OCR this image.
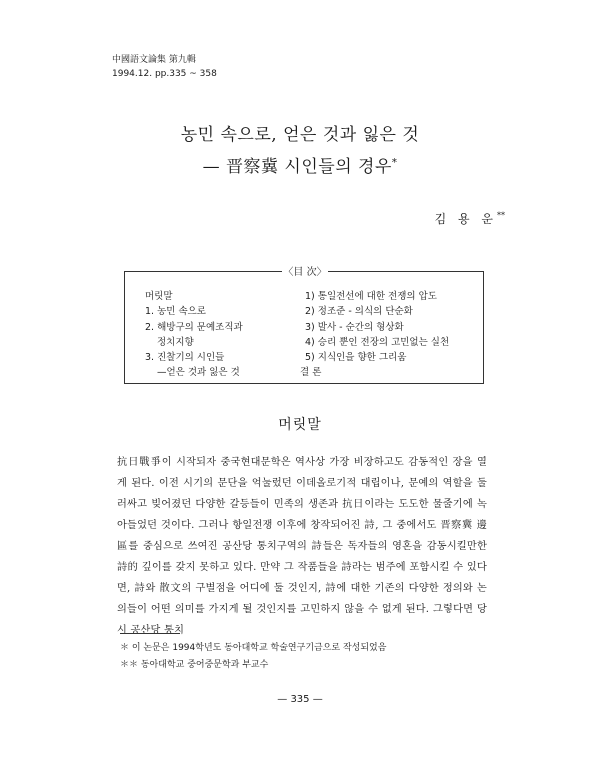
中國語文論集 第九輯
1994.12. pp.335 ~ 358
농민 속으로, 얻은 것과 잃은 것
— 晋察冀 시인들의 경우*
김 용 운**
〈目 次〉
머릿말
1. 농민 속으로
2. 해방구의 문예조직과
정치지향
3. 진찰기의 시인들
—얻은 것과 잃은 것
1) 통일전선에 대한 전쟁의 압도
2) 정조준 - 의식의 단순화
3) 발사 - 순간의 형상화
4) 승리 뿐인 전장의 고민없는 실천
5) 지식인을 향한 그리움
결 론
머릿말

抗日戰爭이 시작되자 중국현대문학은 역사상 가장 비장하고도 감동적인 장을 열게 된다. 이전 시기의 문단을 억눌렀던 이데올로기적 대립이나, 문예의 역할을 둘러싸고 빚어졌던 다양한 갈등들이 민족의 생존과 抗日이라는 도도한 물줄기에 녹아들었던 것이다. 그러나 항일전쟁 이후에 창작되어진 詩, 그 중에서도 晋察冀 邊區를 중심으로 쓰여진 공산당 통치구역의 詩들은 독자들의 영혼을 감동시킬만한 詩的 깊이를 갖지 못하고 있다. 만약 그 작품들을 詩라는 범주에 포함시킬 수 있다면, 詩와 散文의 구별점을 어디에 둘 것인지, 詩에 대한 기존의 다양한 정의와 논의들이 어떤 의미를 가지게 될 것인지를 고민하지 않을 수 없게 된다. 그렇다면 당시 공산당 통치

＊ 이 논문은 1994학년도 동아대학교 학술연구기금으로 작성되었음
＊＊ 동아대학교 중어중문학과 부교수
— 335 —
